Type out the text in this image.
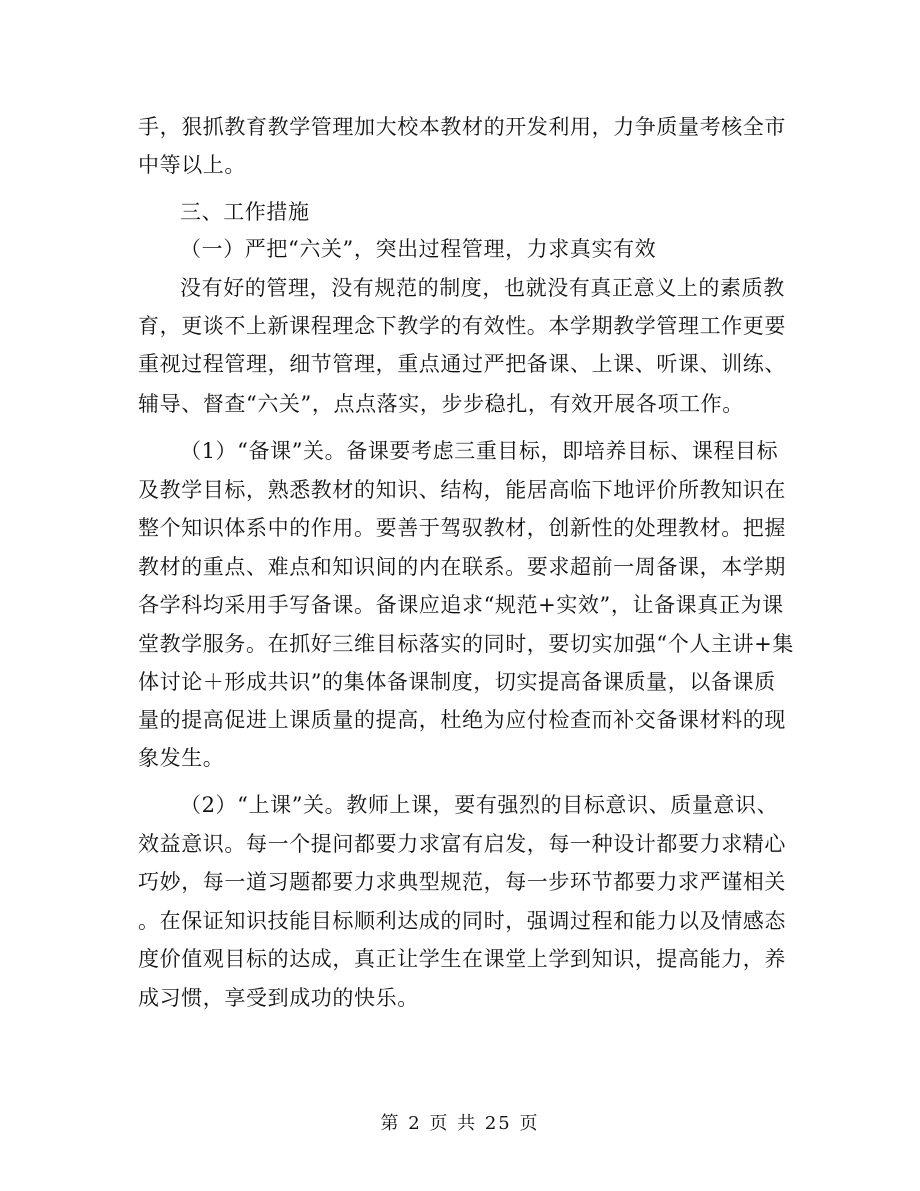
手，狠抓教育教学管理加大校本教材的开发利用，力争质量考核全市
中等以上。
三、工作措施
（一）严把“六关”，突出过程管理，力求真实有效
没有好的管理，没有规范的制度，也就没有真正意义上的素质教
育，更谈不上新课程理念下教学的有效性。本学期教学管理工作更要
重视过程管理，细节管理，重点通过严把备课、上课、听课、训练、
辅导、督查“六关”，点点落实，步步稳扎，有效开展各项工作。
（1）“备课”关。备课要考虑三重目标，即培养目标、课程目标
及教学目标，熟悉教材的知识、结构，能居高临下地评价所教知识在
整个知识体系中的作用。要善于驾驭教材，创新性的处理教材。把握
教材的重点、难点和知识间的内在联系。要求超前一周备课，本学期
各学科均采用手写备课。备课应追求“规范+实效”，让备课真正为课
堂教学服务。在抓好三维目标落实的同时，要切实加强“个人主讲+集
体讨论＋形成共识”的集体备课制度，切实提高备课质量，以备课质
量的提高促进上课质量的提高，杜绝为应付检查而补交备课材料的现
象发生。
（2）“上课”关。教师上课，要有强烈的目标意识、质量意识、
效益意识。每一个提问都要力求富有启发，每一种设计都要力求精心
巧妙，每一道习题都要力求典型规范，每一步环节都要力求严谨相关
。在保证知识技能目标顺利达成的同时，强调过程和能力以及情感态
度价值观目标的达成，真正让学生在课堂上学到知识，提高能力，养
成习惯，享受到成功的快乐。
第 2 页 共 25 页
